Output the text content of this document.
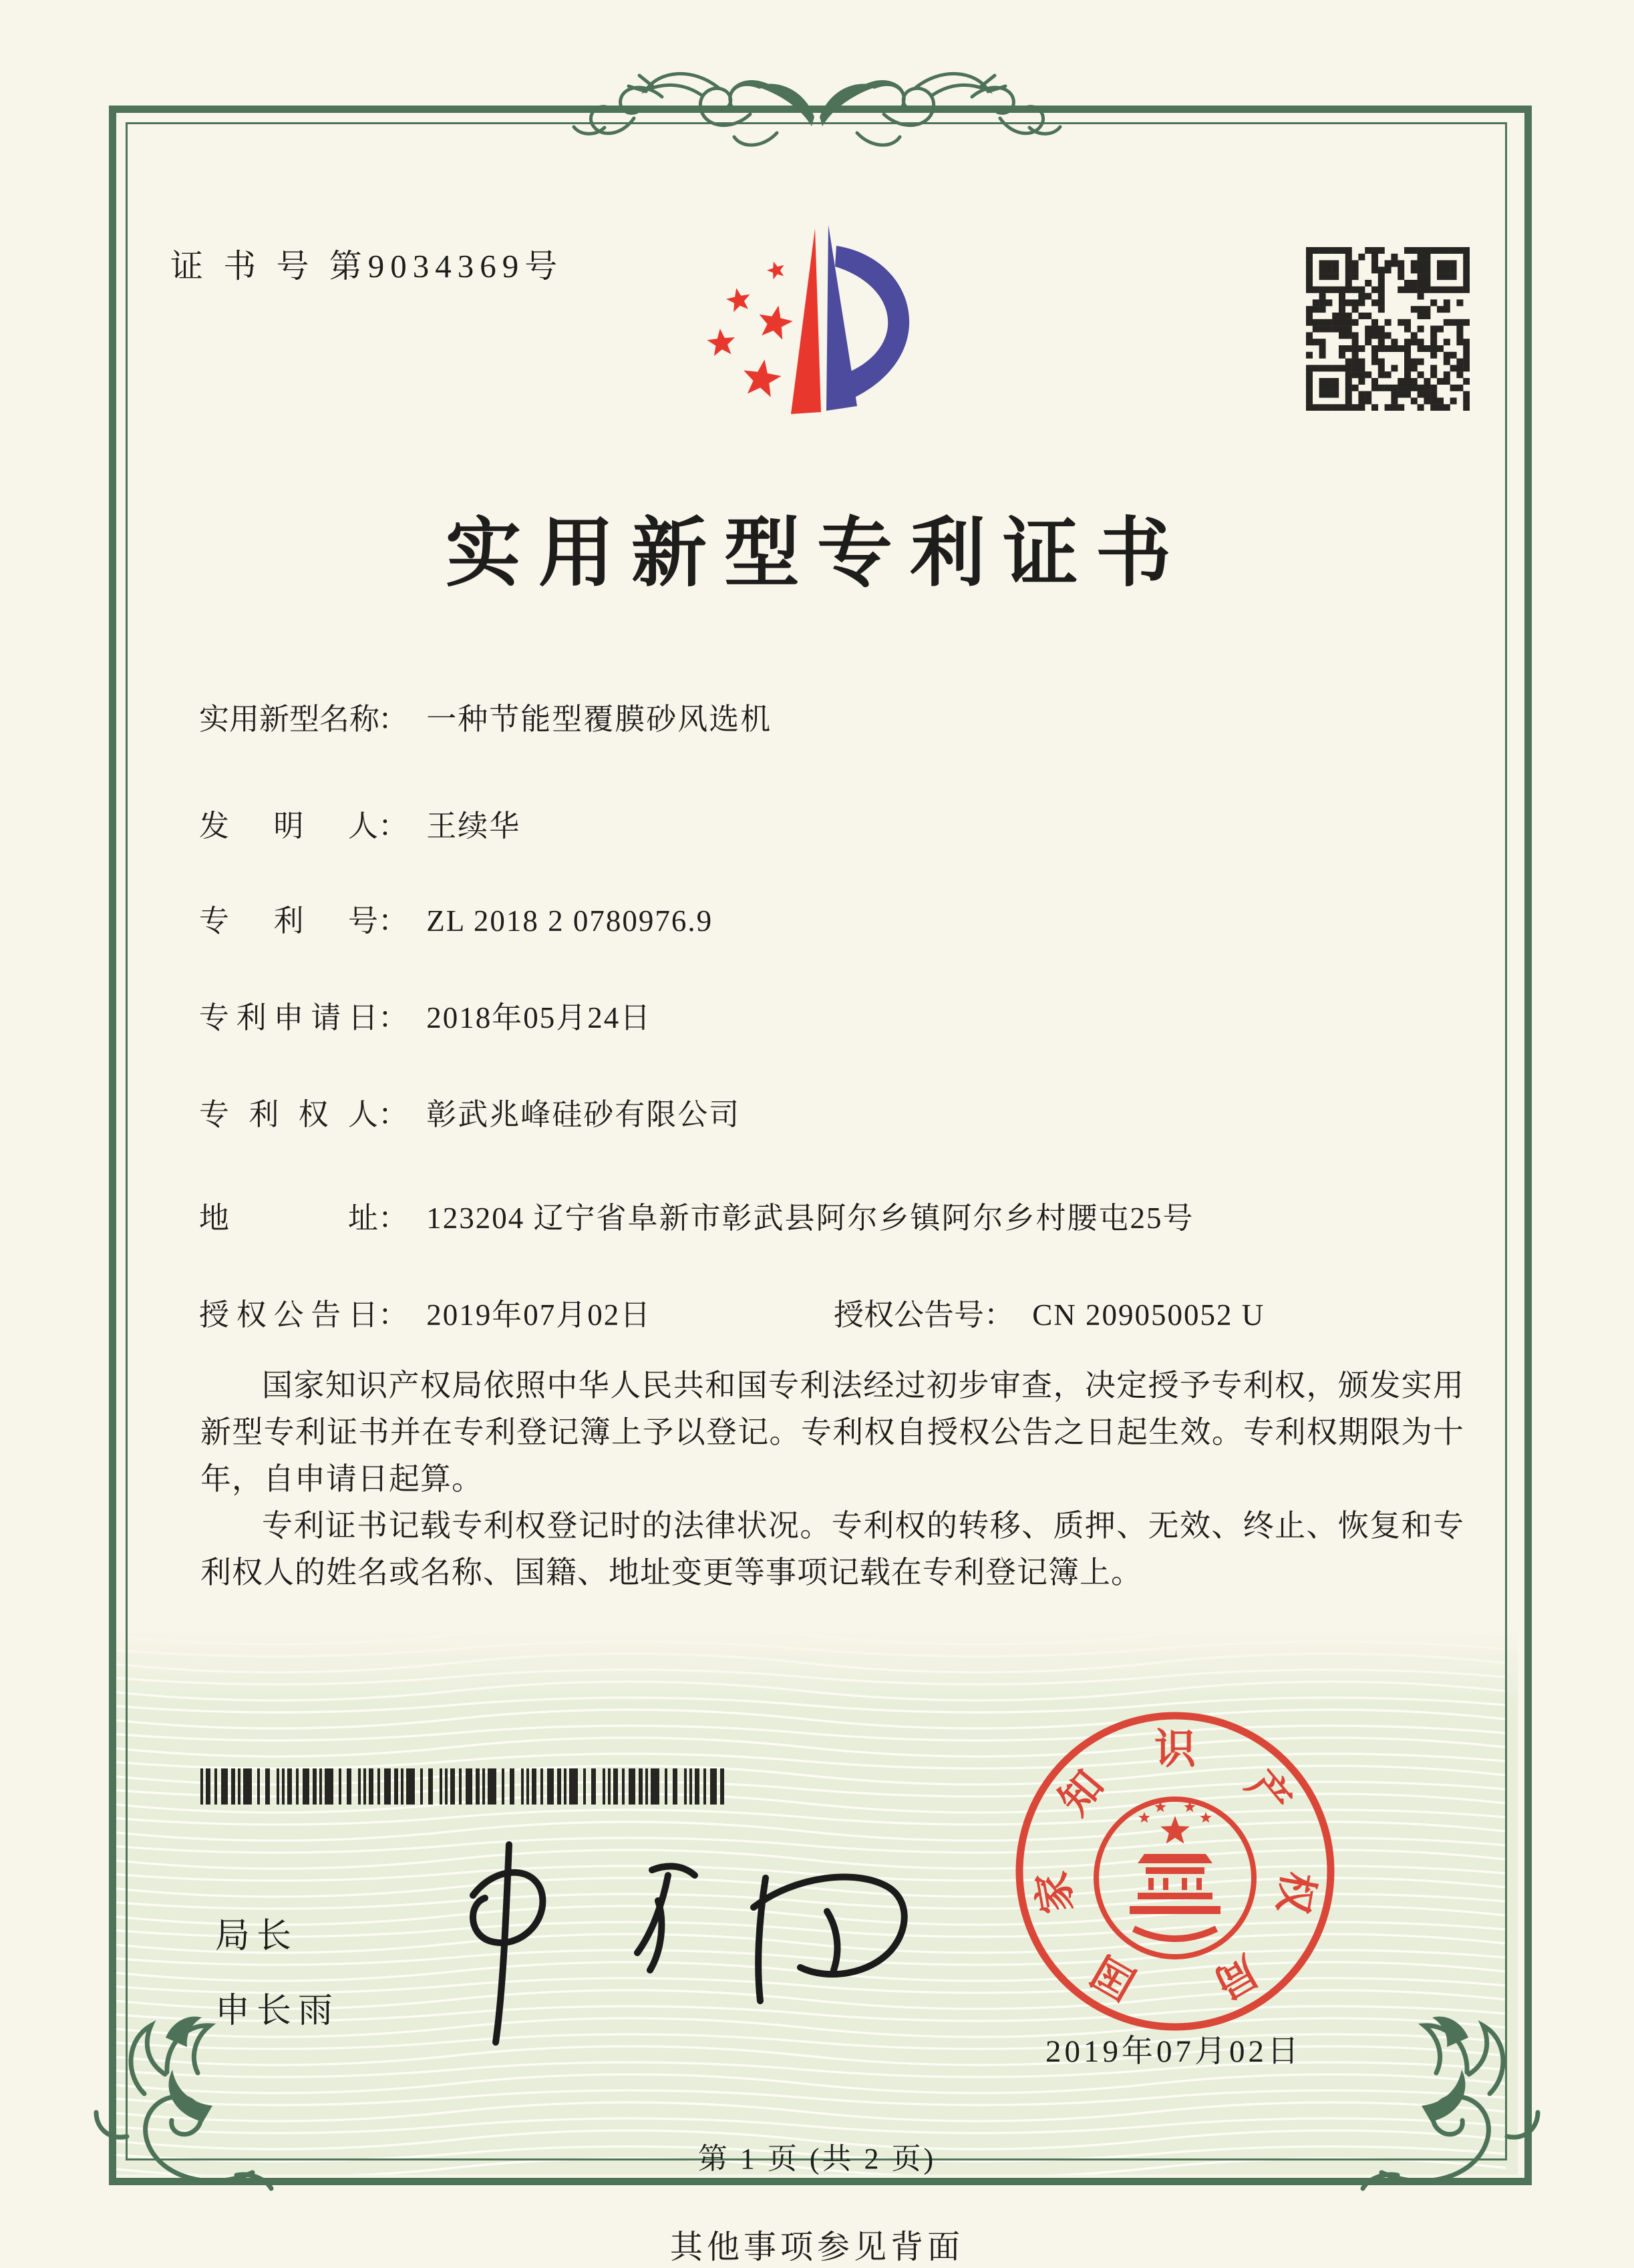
证 书 号 第9034369号
实用新型专利证书
实用新型名称： 一种节能型覆膜砂风选机
发明人： 王续华
专利号： ZL 2018 2 0780976.9
专利申请日： 2018年05月24日
专利权人： 彰武兆峰硅砂有限公司
地址： 123204 辽宁省阜新市彰武县阿尔乡镇阿尔乡村腰屯25号
授权公告日： 2019年07月02日	授权公告号： CN 209050052 U

国家知识产权局依照中华人民共和国专利法经过初步审查，决定授予专利权，颁发实用新型专利证书并在专利登记簿上予以登记。专利权自授权公告之日起生效。专利权期限为十年，自申请日起算。

专利证书记载专利权登记时的法律状况。专利权的转移、质押、无效、终止、恢复和专利权人的姓名或名称、国籍、地址变更等事项记载在专利登记簿上。

局长
申长雨
国
家
知
识
产
权
局
2019年07月02日
第 1 页 (共 2 页)
其他事项参见背面
